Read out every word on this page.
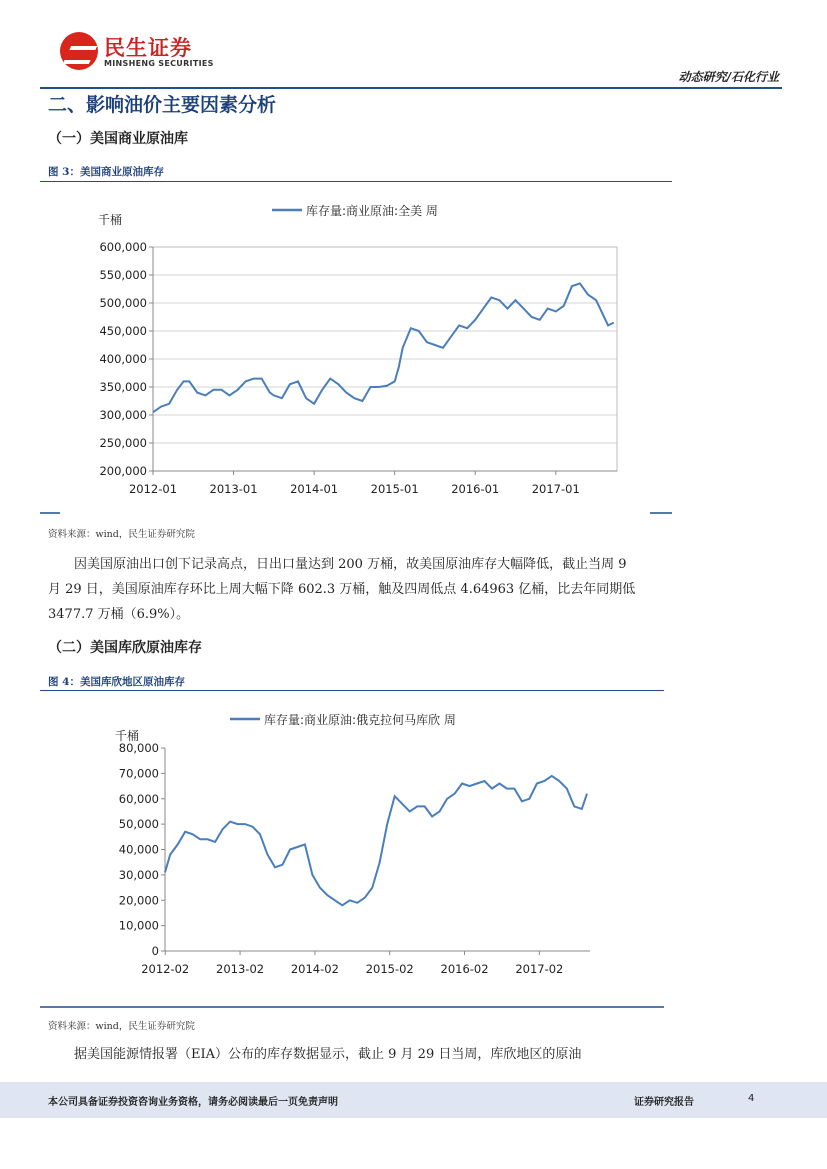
民生证券
MINSHENG SECURITIES
动态研究/石化行业
二、影响油价主要因素分析
（一）美国商业原油库
图 3：美国商业原油库存
千桶
库存量:商业原油:全美 周
200,000
250,000
300,000
350,000
400,000
450,000
500,000
550,000
600,000
2012-01	2013-01	2014-01	2015-01	2016-01	2017-01
资料来源：wind，民生证券研究院
因美国原油出口创下记录高点，日出口量达到 200 万桶，故美国原油库存大幅降低，截止当周 9 月 29 日，美国原油库存环比上周大幅下降 602.3 万桶，触及四周低点 4.64963 亿桶，比去年同期低 3477.7 万桶（6.9%）。
（二）美国库欣原油库存
图 4：美国库欣地区原油库存
千桶
库存量:商业原油:俄克拉何马库欣 周
0
10,000
20,000
30,000
40,000
50,000
60,000
70,000
80,000
2012-02 2013-02 2014-02 2015-02 2016-02 2017-02
资料来源：wind，民生证券研究院
据美国能源情报署（EIA）公布的库存数据显示，截止 9 月 29 日当周，库欣地区的原油
本公司具备证券投资咨询业务资格，请务必阅读最后一页免责声明	证券研究报告	4
